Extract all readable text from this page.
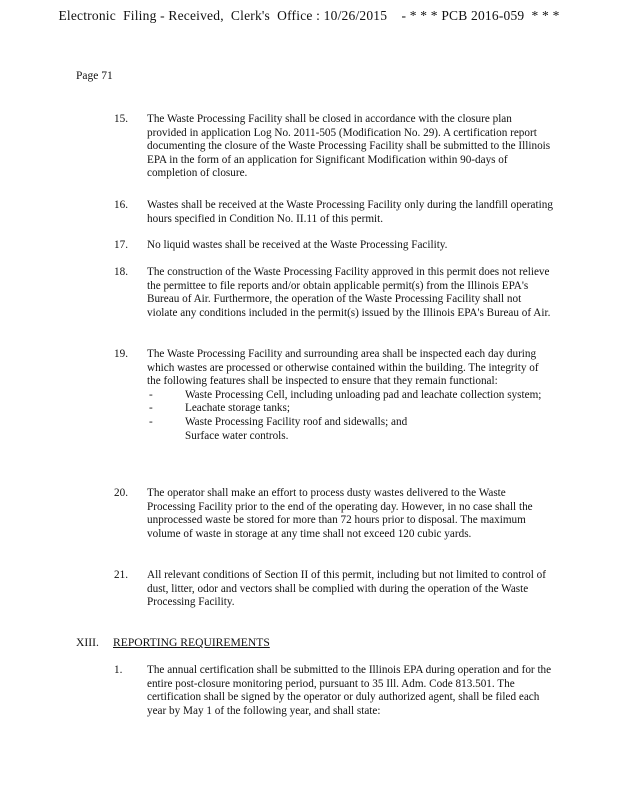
Electronic  Filing - Received,  Clerk's  Office : 10/26/2015    - * * * PCB 2016-059  * * *
Page 71
15. The Waste Processing Facility shall be closed in accordance with the closure plan provided in application Log No. 2011-505 (Modification No. 29). A certification report documenting the closure of the Waste Processing Facility shall be submitted to the Illinois EPA in the form of an application for Significant Modification within 90-days of completion of closure.
16. Wastes shall be received at the Waste Processing Facility only during the landfill operating hours specified in Condition No. II.11 of this permit.
17. No liquid wastes shall be received at the Waste Processing Facility.
18. The construction of the Waste Processing Facility approved in this permit does not relieve the permittee to file reports and/or obtain applicable permit(s) from the Illinois EPA's Bureau of Air. Furthermore, the operation of the Waste Processing Facility shall not violate any conditions included in the permit(s) issued by the Illinois EPA's Bureau of Air.
19. The Waste Processing Facility and surrounding area shall be inspected each day during which wastes are processed or otherwise contained within the building. The integrity of the following features shall be inspected to ensure that they remain functional:
-	Waste Processing Cell, including unloading pad and leachate collection system;
-	Leachate storage tanks;
-	Waste Processing Facility roof and sidewalls; and
Surface water controls.
20. The operator shall make an effort to process dusty wastes delivered to the Waste Processing Facility prior to the end of the operating day. However, in no case shall the unprocessed waste be stored for more than 72 hours prior to disposal. The maximum volume of waste in storage at any time shall not exceed 120 cubic yards.
21. All relevant conditions of Section II of this permit, including but not limited to control of dust, litter, odor and vectors shall be complied with during the operation of the Waste Processing Facility.
XIII. REPORTING REQUIREMENTS
1. The annual certification shall be submitted to the Illinois EPA during operation and for the entire post-closure monitoring period, pursuant to 35 Ill. Adm. Code 813.501. The certification shall be signed by the operator or duly authorized agent, shall be filed each year by May 1 of the following year, and shall state:
